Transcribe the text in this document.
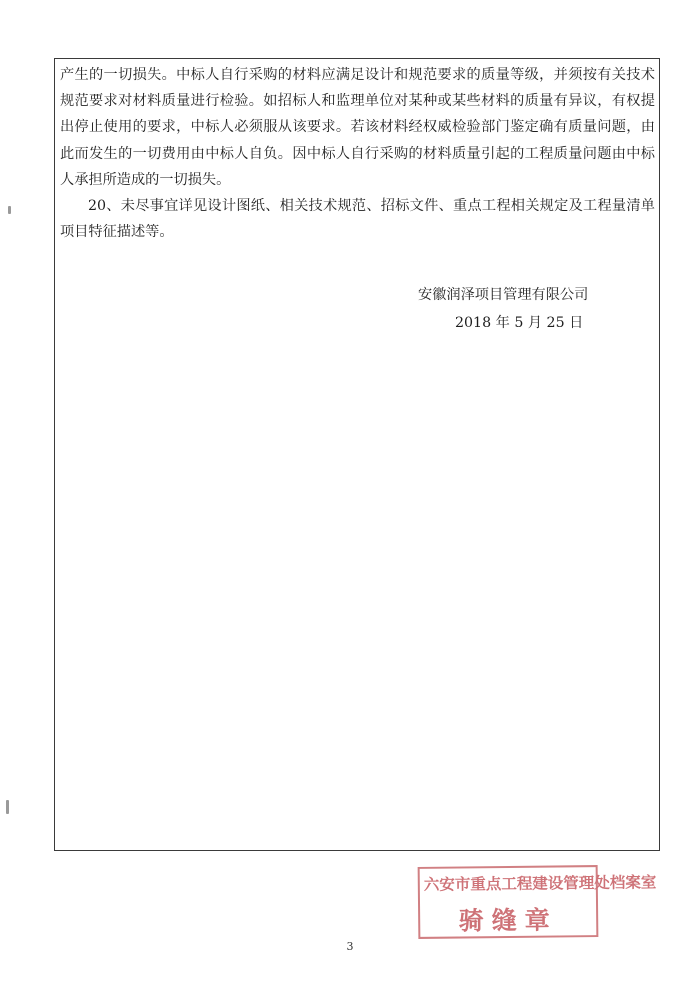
产生的一切损失。中标人自行采购的材料应满足设计和规范要求的质量等级，并须按有关技术规范要求对材料质量进行检验。如招标人和监理单位对某种或某些材料的质量有异议，有权提出停止使用的要求，中标人必须服从该要求。若该材料经权威检验部门鉴定确有质量问题，由此而发生的一切费用由中标人自负。因中标人自行采购的材料质量引起的工程质量问题由中标人承担所造成的一切损失。

20、未尽事宜详见设计图纸、相关技术规范、招标文件、重点工程相关规定及工程量清单项目特征描述等。

安徽润泽项目管理有限公司
2018 年 5 月 25 日
六安市重点工程建设管理处档案室
骑缝章
3
